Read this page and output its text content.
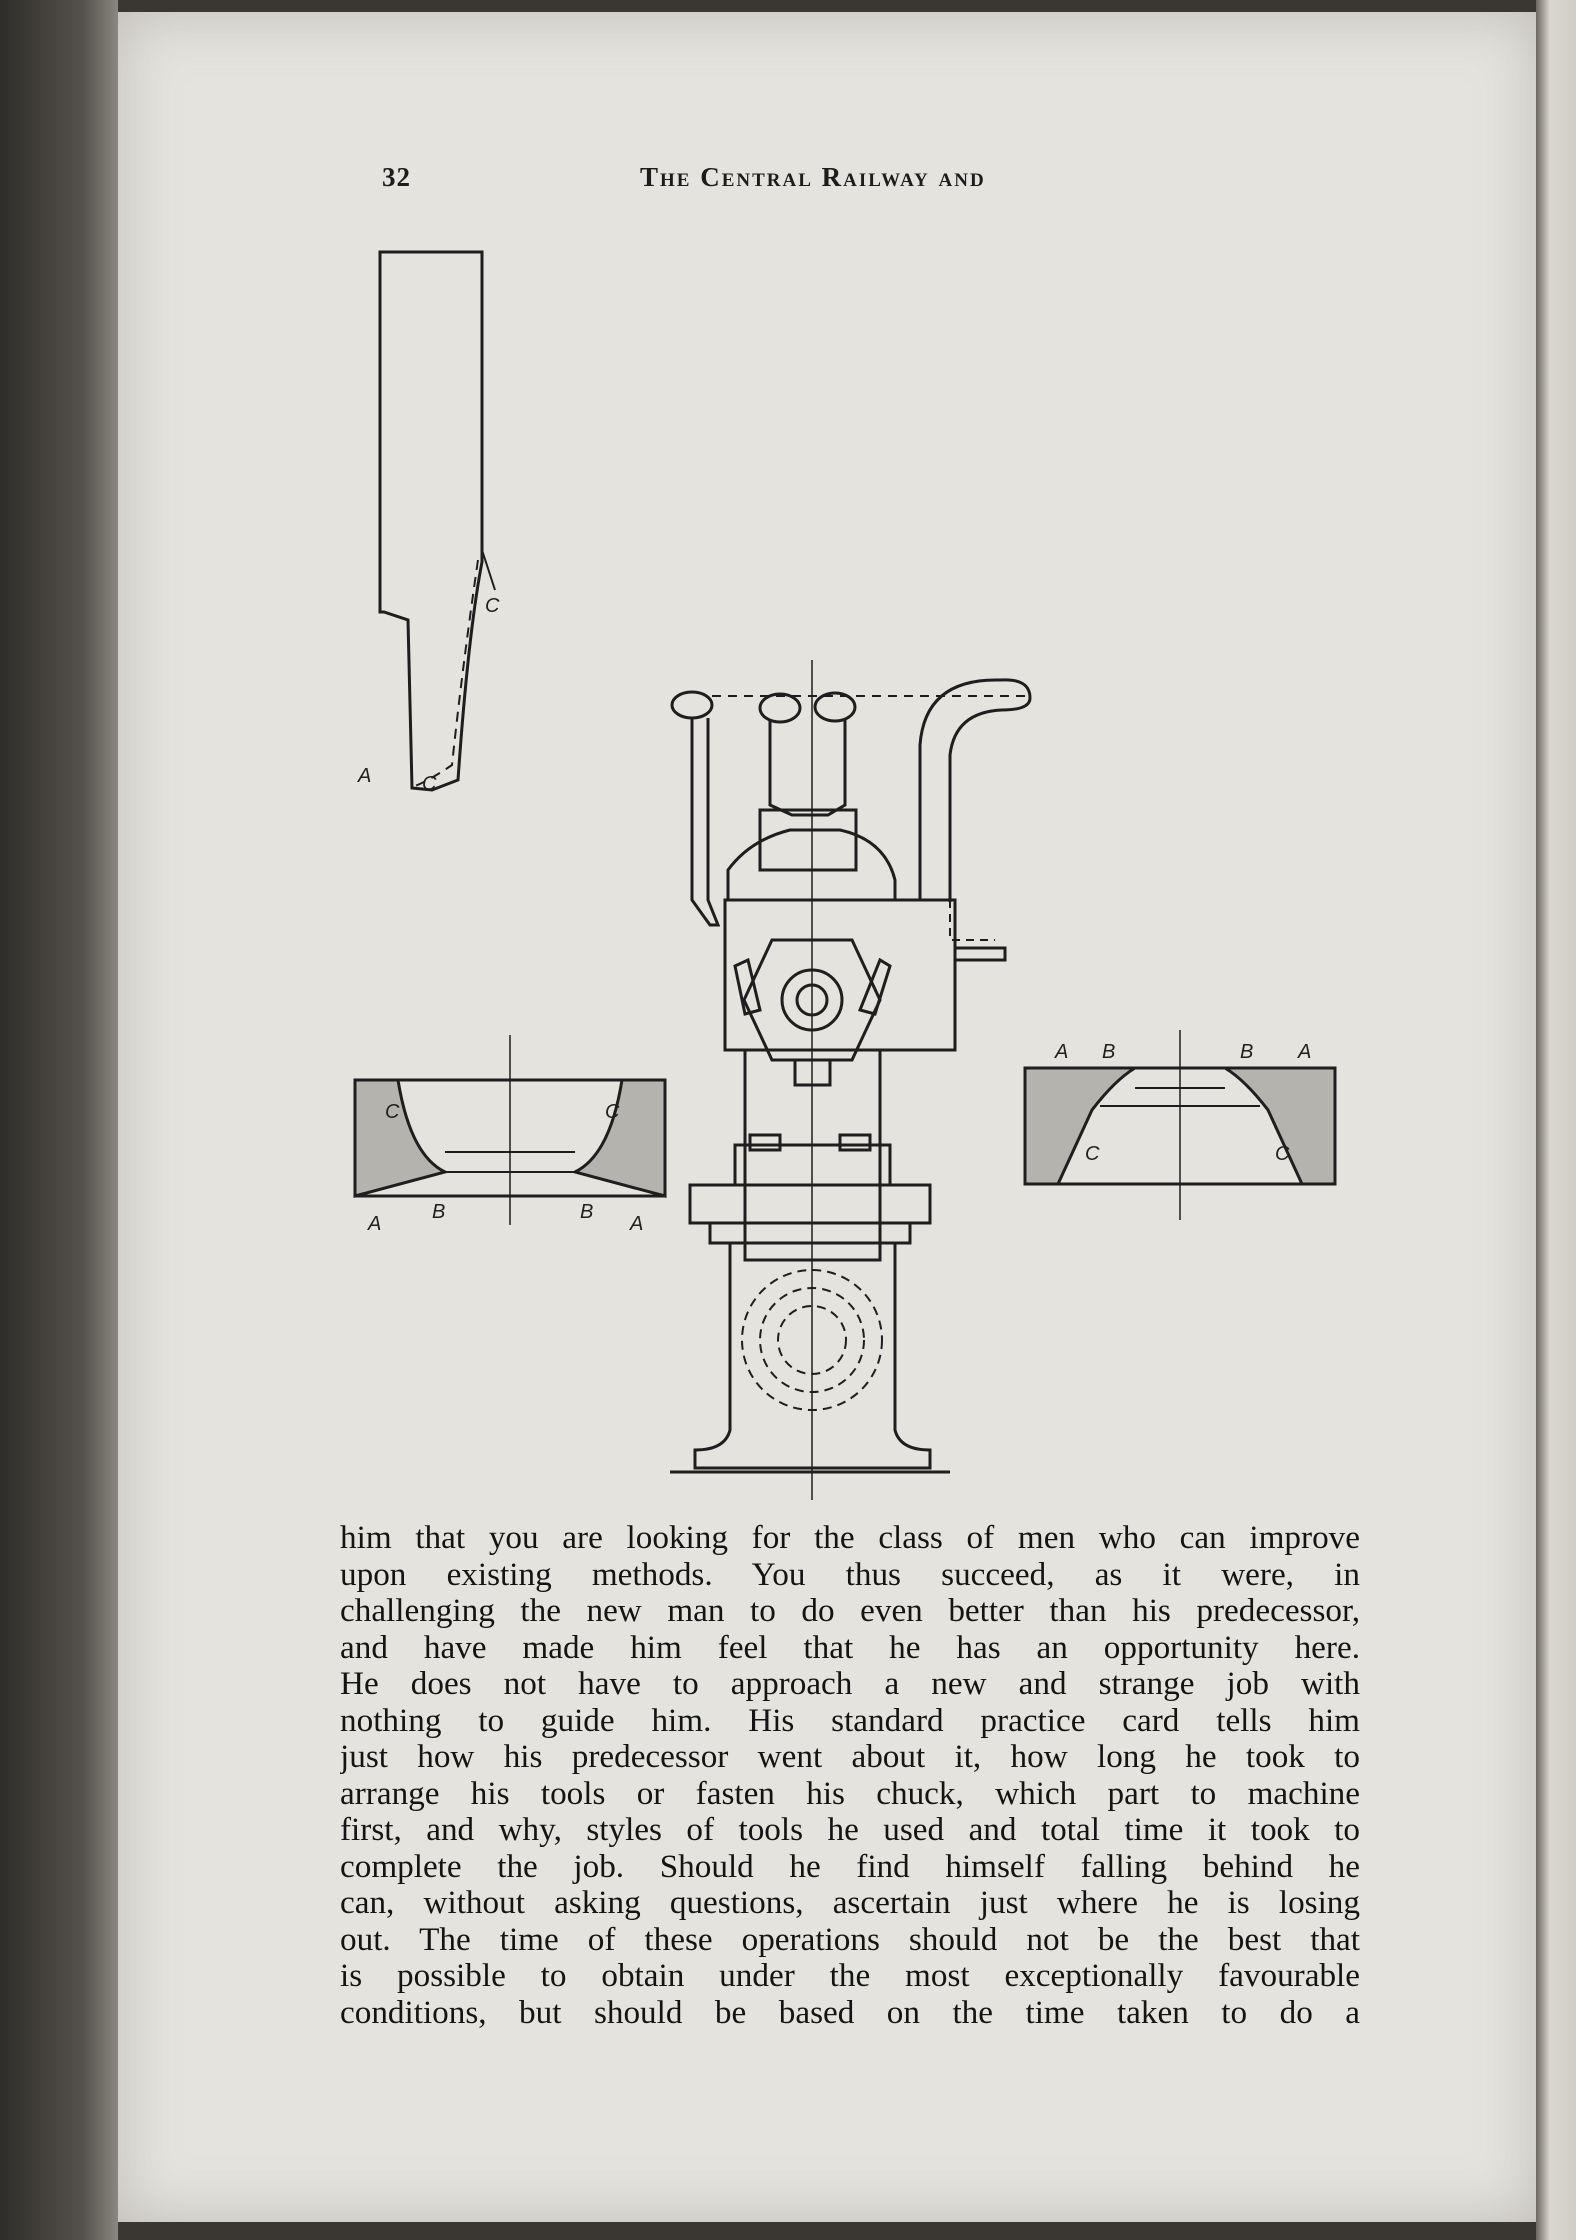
32	The Central Railway and
C
A	C
C	C
A
B	B
A
A B	B A
C	C
him that you are looking for the class of men who can improve
upon existing methods. You thus succeed, as it were, in
challenging the new man to do even better than his predecessor,
and have made him feel that he has an opportunity here.
He does not have to approach a new and strange job with
nothing to guide him. His standard practice card tells him
just how his predecessor went about it, how long he took to
arrange his tools or fasten his chuck, which part to machine
first, and why, styles of tools he used and total time it took to
complete the job. Should he find himself falling behind he
can, without asking questions, ascertain just where he is losing
out. The time of these operations should not be the best that
is possible to obtain under the most exceptionally favourable
conditions, but should be based on the time taken to do a
